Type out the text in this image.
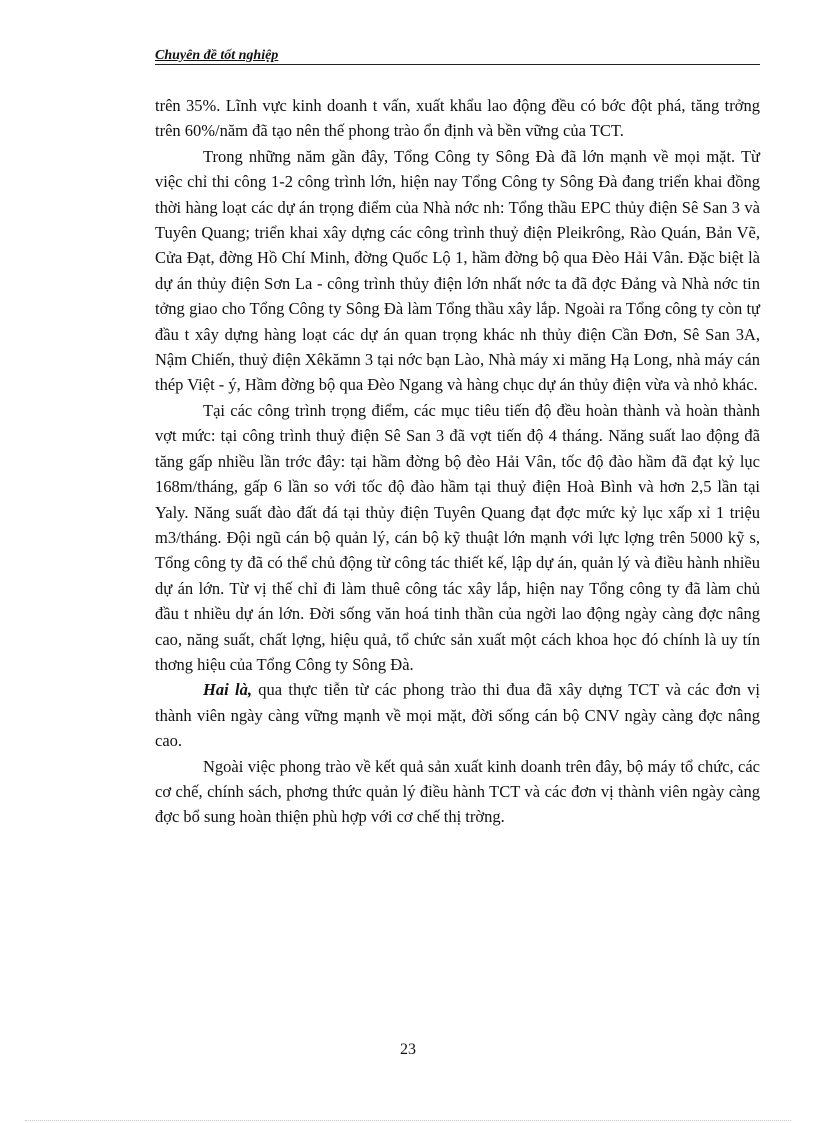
Chuyên đề tốt nghiệp

trên 35%. Lĩnh vực kinh doanh t vấn, xuất khẩu lao động đều có bớc đột phá, tăng trởng trên 60%/năm đã tạo nên thế phong trào ổn định và bền vững của TCT.

Trong những năm gần đây, Tổng Công ty Sông Đà đã lớn mạnh về mọi mặt. Từ việc chỉ thi công 1-2 công trình lớn, hiện nay Tổng Công ty Sông Đà đang triển khai đồng thời hàng loạt các dự án trọng điểm của Nhà nớc nh: Tổng thầu EPC thủy điện Sê San 3 và Tuyên Quang; triển khai xây dựng các công trình thuỷ điện Pleikrông, Rào Quán, Bản Vẽ, Cửa Đạt, đờng Hồ Chí Minh, đờng Quốc Lộ 1, hầm đờng bộ qua Đèo Hải Vân. Đặc biệt là dự án thủy điện Sơn La - công trình thủy điện lớn nhất nớc ta đã đợc Đảng và Nhà nớc tin tởng giao cho Tổng Công ty Sông Đà làm Tổng thầu xây lắp. Ngoài ra Tổng công ty còn tự đầu t xây dựng hàng loạt các dự án quan trọng khác nh thủy điện Cần Đơn, Sê San 3A, Nậm Chiến, thuỷ điện Xêkămn 3 tại nớc bạn Lào, Nhà máy xi măng Hạ Long, nhà máy cán thép Việt - ý, Hầm đờng bộ qua Đèo Ngang và hàng chục dự án thủy điện vừa và nhỏ khác.

Tại các công trình trọng điểm, các mục tiêu tiến độ đều hoàn thành và hoàn thành vợt mức: tại công trình thuỷ điện Sê San 3 đã vợt tiến độ 4 tháng. Năng suất lao động đã tăng gấp nhiều lần trớc đây: tại hầm đờng bộ đèo Hải Vân, tốc độ đào hầm đã đạt kỷ lục 168m/tháng, gấp 6 lần so với tốc độ đào hầm tại thuỷ điện Hoà Bình và hơn 2,5 lần tại Yaly. Năng suất đào đất đá tại thủy điện Tuyên Quang đạt đợc mức kỷ lục xấp xỉ 1 triệu m3/tháng. Đội ngũ cán bộ quản lý, cán bộ kỹ thuật lớn mạnh với lực lợng trên 5000 kỹ s, Tổng công ty đã có thể chủ động từ công tác thiết kế, lập dự án, quản lý và điều hành nhiều dự án lớn. Từ vị thế chỉ đi làm thuê công tác xây lắp, hiện nay Tổng công ty đã làm chủ đầu t nhiều dự án lớn. Đời sống văn hoá tinh thần của ngời lao động ngày càng đợc nâng cao, năng suất, chất lợng, hiệu quả, tổ chức sản xuất một cách khoa học đó chính là uy tín thơng hiệu của Tổng Công ty Sông Đà.

Hai là, qua thực tiễn từ các phong trào thi đua đã xây dựng TCT và các đơn vị thành viên ngày càng vững mạnh về mọi mặt, đời sống cán bộ CNV ngày càng đợc nâng cao.

Ngoài việc phong trào về kết quả sản xuất kinh doanh trên đây, bộ máy tổ chức, các cơ chế, chính sách, phơng thức quản lý điều hành TCT và các đơn vị thành viên ngày càng đợc bổ sung hoàn thiện phù hợp với cơ chế thị trờng.

23
